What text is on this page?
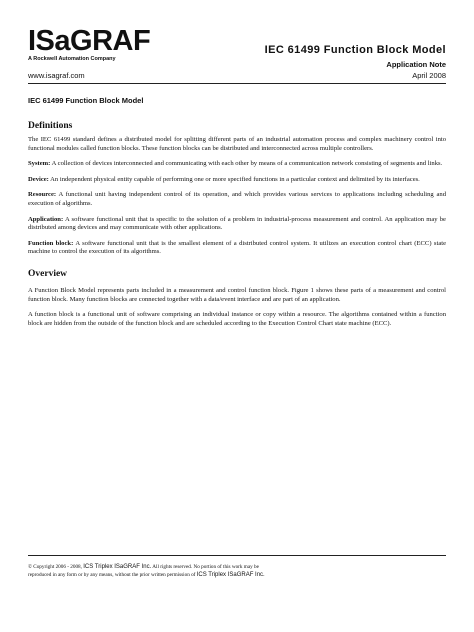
ISaGRAF
A Rockwell Automation Company
IEC 61499 Function Block Model
Application Note
www.isagraf.com	April 2008
IEC 61499 Function Block Model
Definitions

The IEC 61499 standard defines a distributed model for splitting different parts of an industrial automation process and complex machinery control into functional modules called function blocks. These function blocks can be distributed and interconnected across multiple controllers.

System: A collection of devices interconnected and communicating with each other by means of a communication network consisting of segments and links.

Device: An independent physical entity capable of performing one or more specified functions in a particular context and delimited by its interfaces.

Resource: A functional unit having independent control of its operation, and which provides various services to applications including scheduling and execution of algorithms.

Application: A software functional unit that is specific to the solution of a problem in industrial-process measurement and control. An application may be distributed among devices and may communicate with other applications.

Function block: A software functional unit that is the smallest element of a distributed control system. It utilizes an execution control chart (ECC) state machine to control the execution of its algorithms.

Overview

A Function Block Model represents parts included in a measurement and control function block. Figure 1 shows these parts of a measurement and control function block. Many function blocks are connected together with a data/event interface and are part of an application.

A function block is a functional unit of software comprising an individual instance or copy within a resource. The algorithms contained within a function block are hidden from the outside of the function block and are scheduled according to the Execution Control Chart state machine (ECC).

© Copyright 2006 - 2008, ICS Triplex ISaGRAF Inc. All rights reserved. No portion of this work may be
reproduced in any form or by any means, without the prior written permission of ICS Triplex ISaGRAF Inc.
